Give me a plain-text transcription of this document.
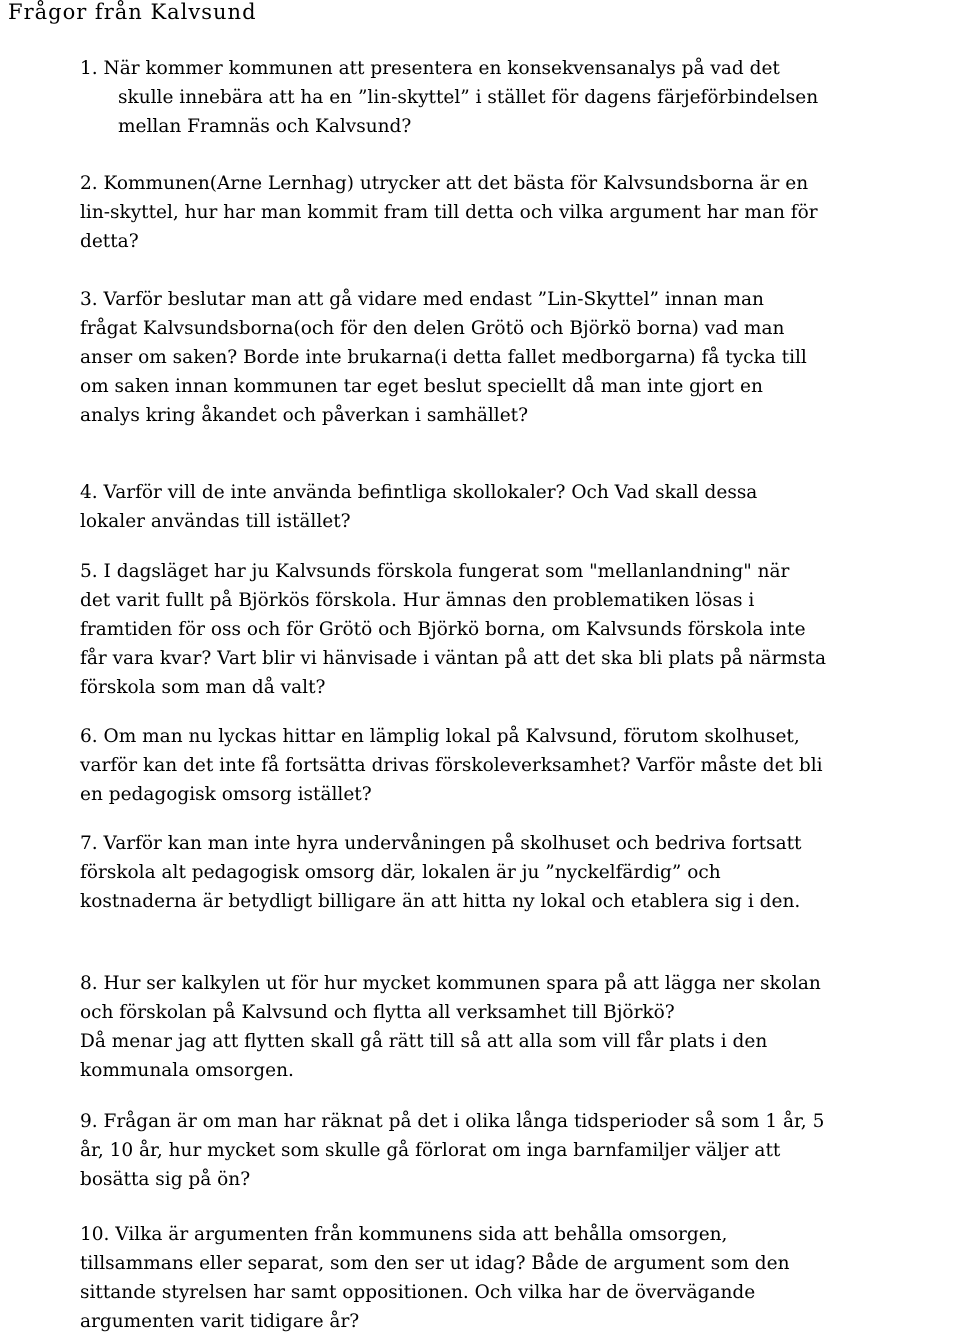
Frågor från Kalvsund
1. När kommer kommunen att presentera en konsekvensanalys på vad det
skulle innebära att ha en ”lin-skyttel” i stället för dagens färjeförbindelsen
mellan Framnäs och Kalvsund?
2. Kommunen(Arne Lernhag) utrycker att det bästa för Kalvsundsborna är en
lin-skyttel, hur har man kommit fram till detta och vilka argument har man för
detta?
3. Varför beslutar man att gå vidare med endast ”Lin-Skyttel” innan man
frågat Kalvsundsborna(och för den delen Grötö och Björkö borna) vad man
anser om saken? Borde inte brukarna(i detta fallet medborgarna) få tycka till
om saken innan kommunen tar eget beslut speciellt då man inte gjort en
analys kring åkandet och påverkan i samhället?
4. Varför vill de inte använda befintliga skollokaler? Och Vad skall dessa
lokaler användas till istället?
5. I dagsläget har ju Kalvsunds förskola fungerat som "mellanlandning" när
det varit fullt på Björkös förskola. Hur ämnas den problematiken lösas i
framtiden för oss och för Grötö och Björkö borna, om Kalvsunds förskola inte
får vara kvar? Vart blir vi hänvisade i väntan på att det ska bli plats på närmsta
förskola som man då valt?
6. Om man nu lyckas hittar en lämplig lokal på Kalvsund, förutom skolhuset,
varför kan det inte få fortsätta drivas förskoleverksamhet? Varför måste det bli
en pedagogisk omsorg istället?
7. Varför kan man inte hyra undervåningen på skolhuset och bedriva fortsatt
förskola alt pedagogisk omsorg där, lokalen är ju ”nyckelfärdig” och
kostnaderna är betydligt billigare än att hitta ny lokal och etablera sig i den.
8. Hur ser kalkylen ut för hur mycket kommunen spara på att lägga ner skolan
och förskolan på Kalvsund och flytta all verksamhet till Björkö?
Då menar jag att flytten skall gå rätt till så att alla som vill får plats i den
kommunala omsorgen.
9. Frågan är om man har räknat på det i olika långa tidsperioder så som 1 år, 5
år, 10 år, hur mycket som skulle gå förlorat om inga barnfamiljer väljer att
bosätta sig på ön?
10. Vilka är argumenten från kommunens sida att behålla omsorgen,
tillsammans eller separat, som den ser ut idag? Både de argument som den
sittande styrelsen har samt oppositionen. Och vilka har de övervägande
argumenten varit tidigare år?
